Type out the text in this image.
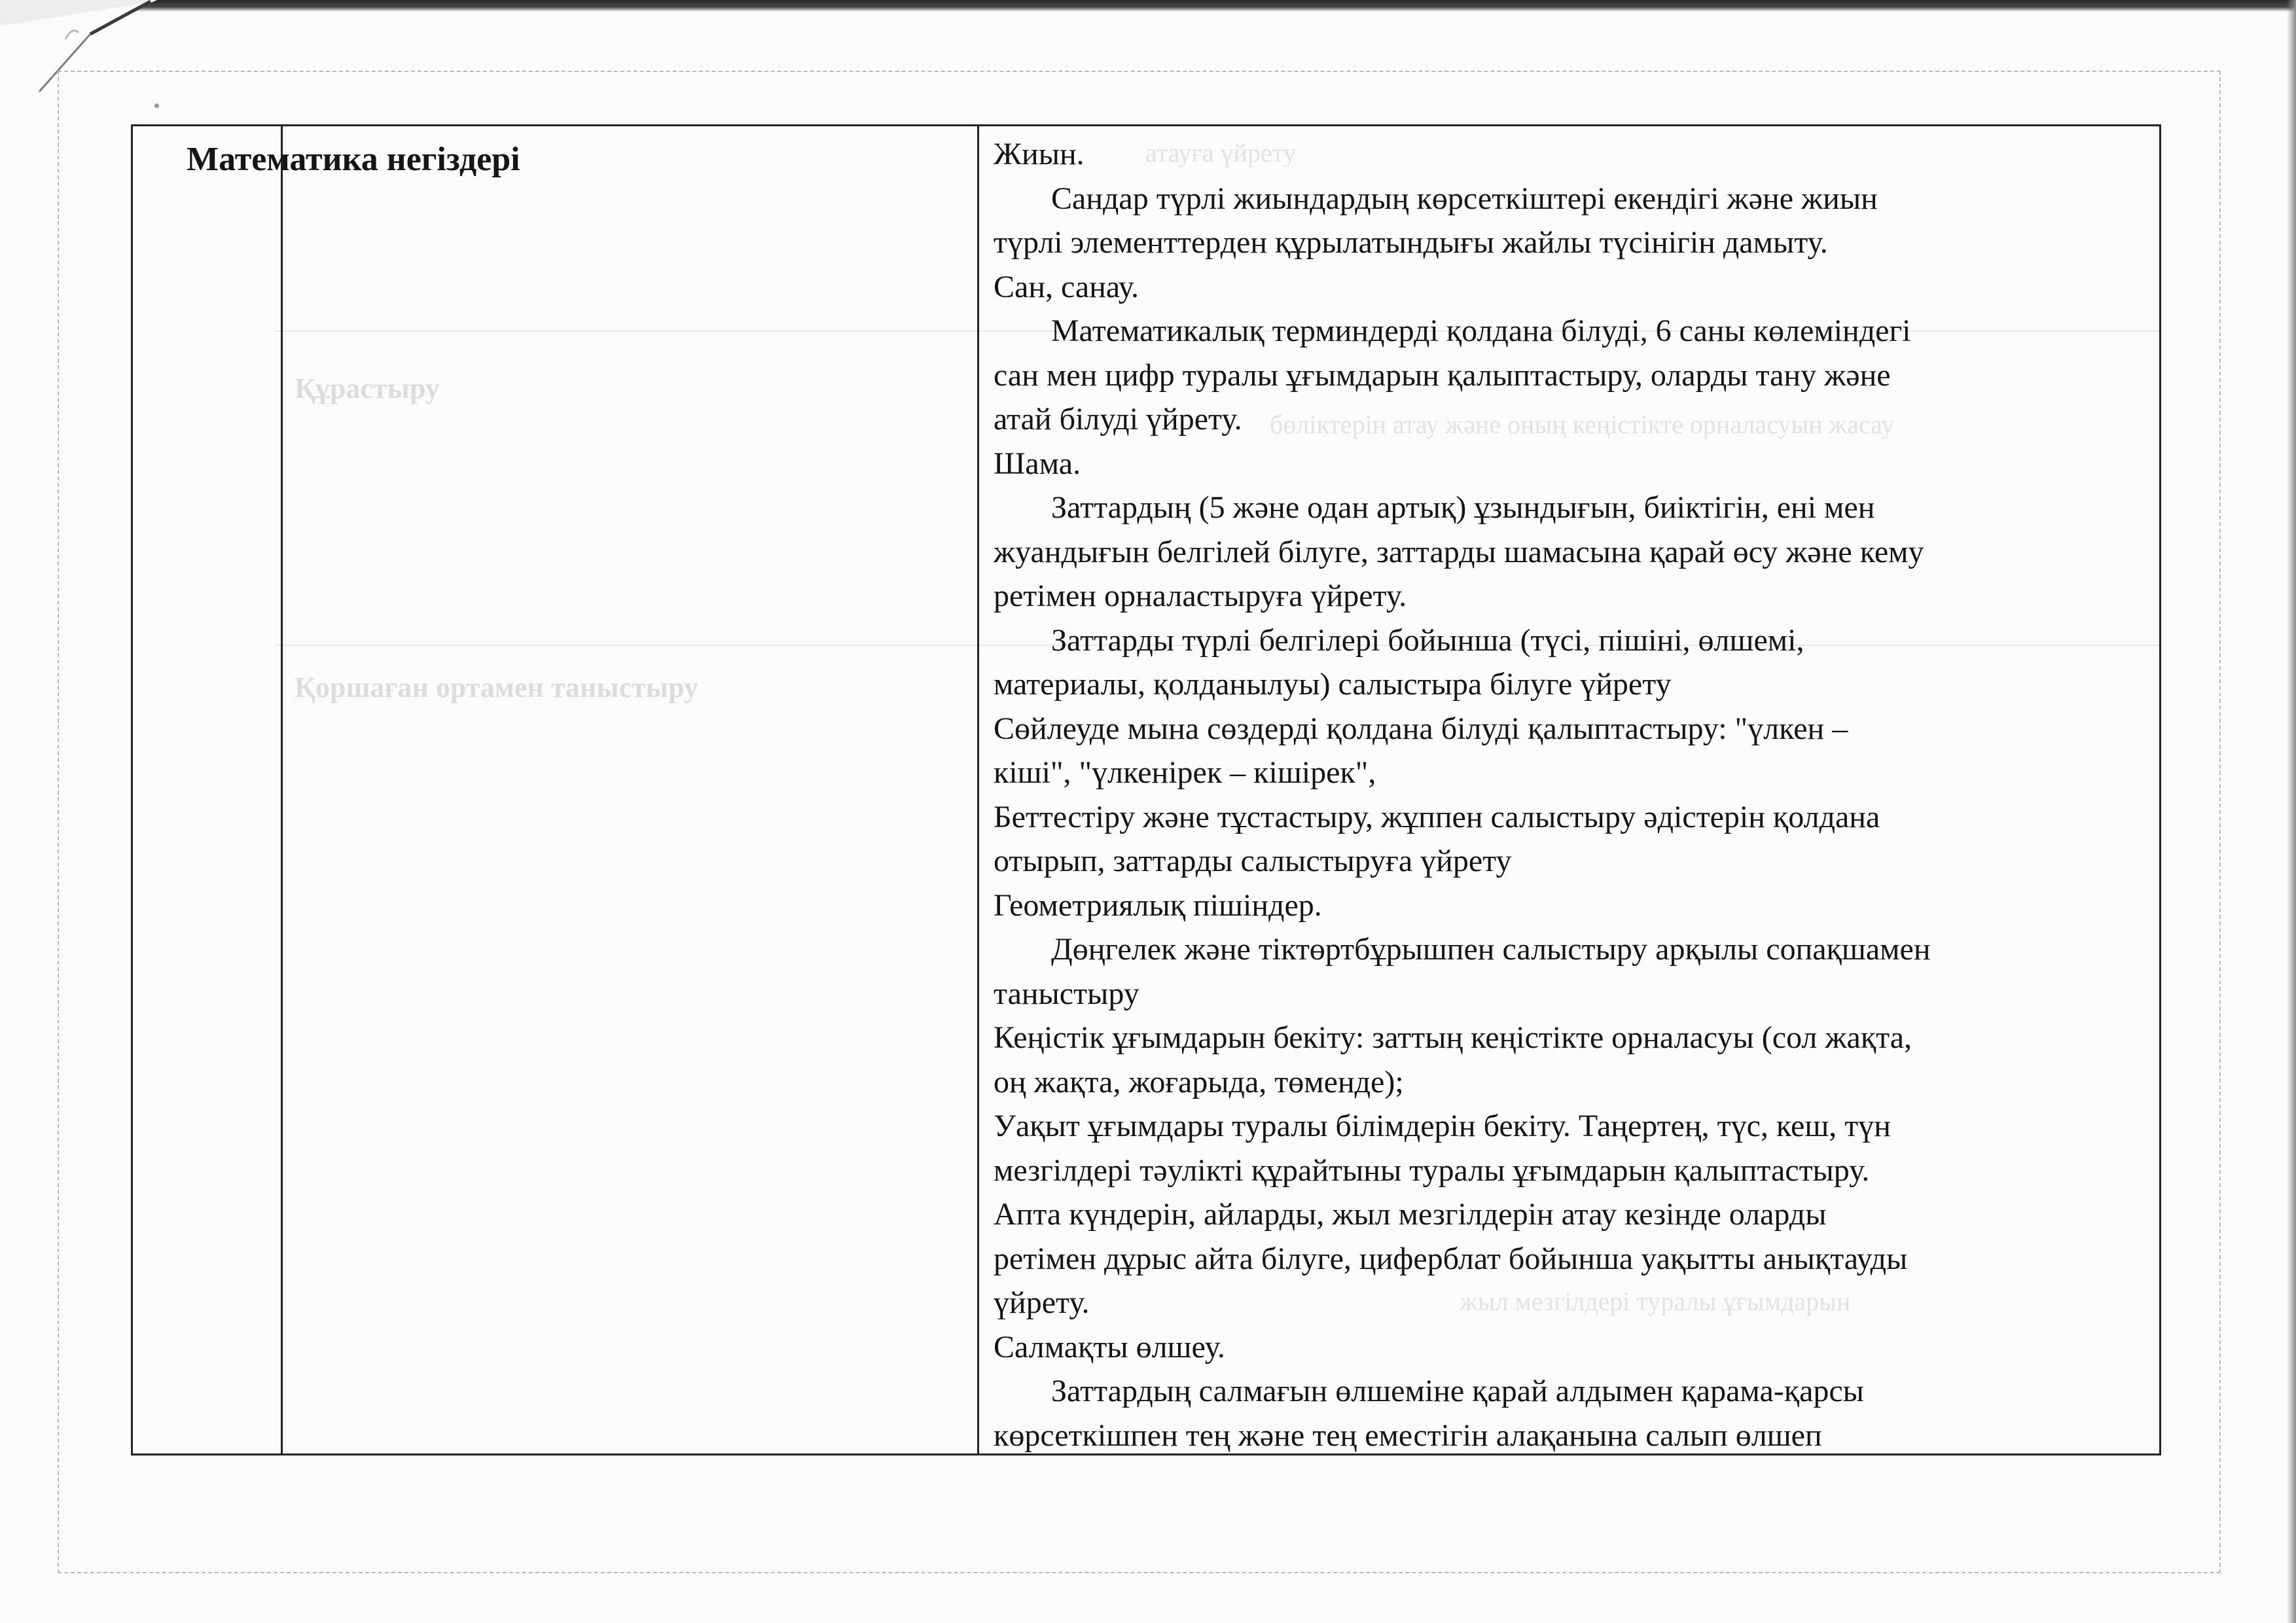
Құрастыру
Қоршаған ортамен таныстыру
атауға үйрету
жыл мезгілдері туралы ұғымдарын
бөліктерін атау және оның кеңістікте орналасуын жасау
Математика негіздері	Жиын.
Сандар түрлі жиындардың көрсеткіштері екендігі және жиын
түрлі элементтерден құрылатындығы жайлы түсінігін дамыту.
Сан, санау.
Математикалық терминдерді қолдана білуді, 6 саны көлеміндегі
сан мен цифр туралы ұғымдарын қалыптастыру, оларды тану және
атай білуді үйрету.
Шама.
Заттардың (5 және одан артық) ұзындығын, биіктігін, ені мен
жуандығын белгілей білуге, заттарды шамасына қарай өсу және кему
ретімен орналастыруға үйрету.
Заттарды түрлі белгілері бойынша (түсі, пішіні, өлшемі,
материалы, қолданылуы) салыстыра білуге үйрету
Сөйлеуде мына сөздерді қолдана білуді қалыптастыру: "үлкен –
кіші", "үлкенірек – кішірек",
Беттестіру және тұстастыру, жұппен салыстыру әдістерін қолдана
отырып, заттарды салыстыруға үйрету
Геометриялық пішіндер.
Дөңгелек және тіктөртбұрышпен салыстыру арқылы сопақшамен
таныстыру
Кеңістік ұғымдарын бекіту: заттың кеңістікте орналасуы (сол жақта,
оң жақта, жоғарыда, төменде);
Уақыт ұғымдары туралы білімдерін бекіту. Таңертең, түс, кеш, түн
мезгілдері тәулікті құрайтыны туралы ұғымдарын қалыптастыру.
Апта күндерін, айларды, жыл мезгілдерін атау кезінде оларды
ретімен дұрыс айта білуге, циферблат бойынша уақытты анықтауды
үйрету.
Салмақты өлшеу.
Заттардың салмағын өлшеміне қарай алдымен қарама-қарсы
көрсеткішпен тең және тең еместігін алақанына салып өлшеп
